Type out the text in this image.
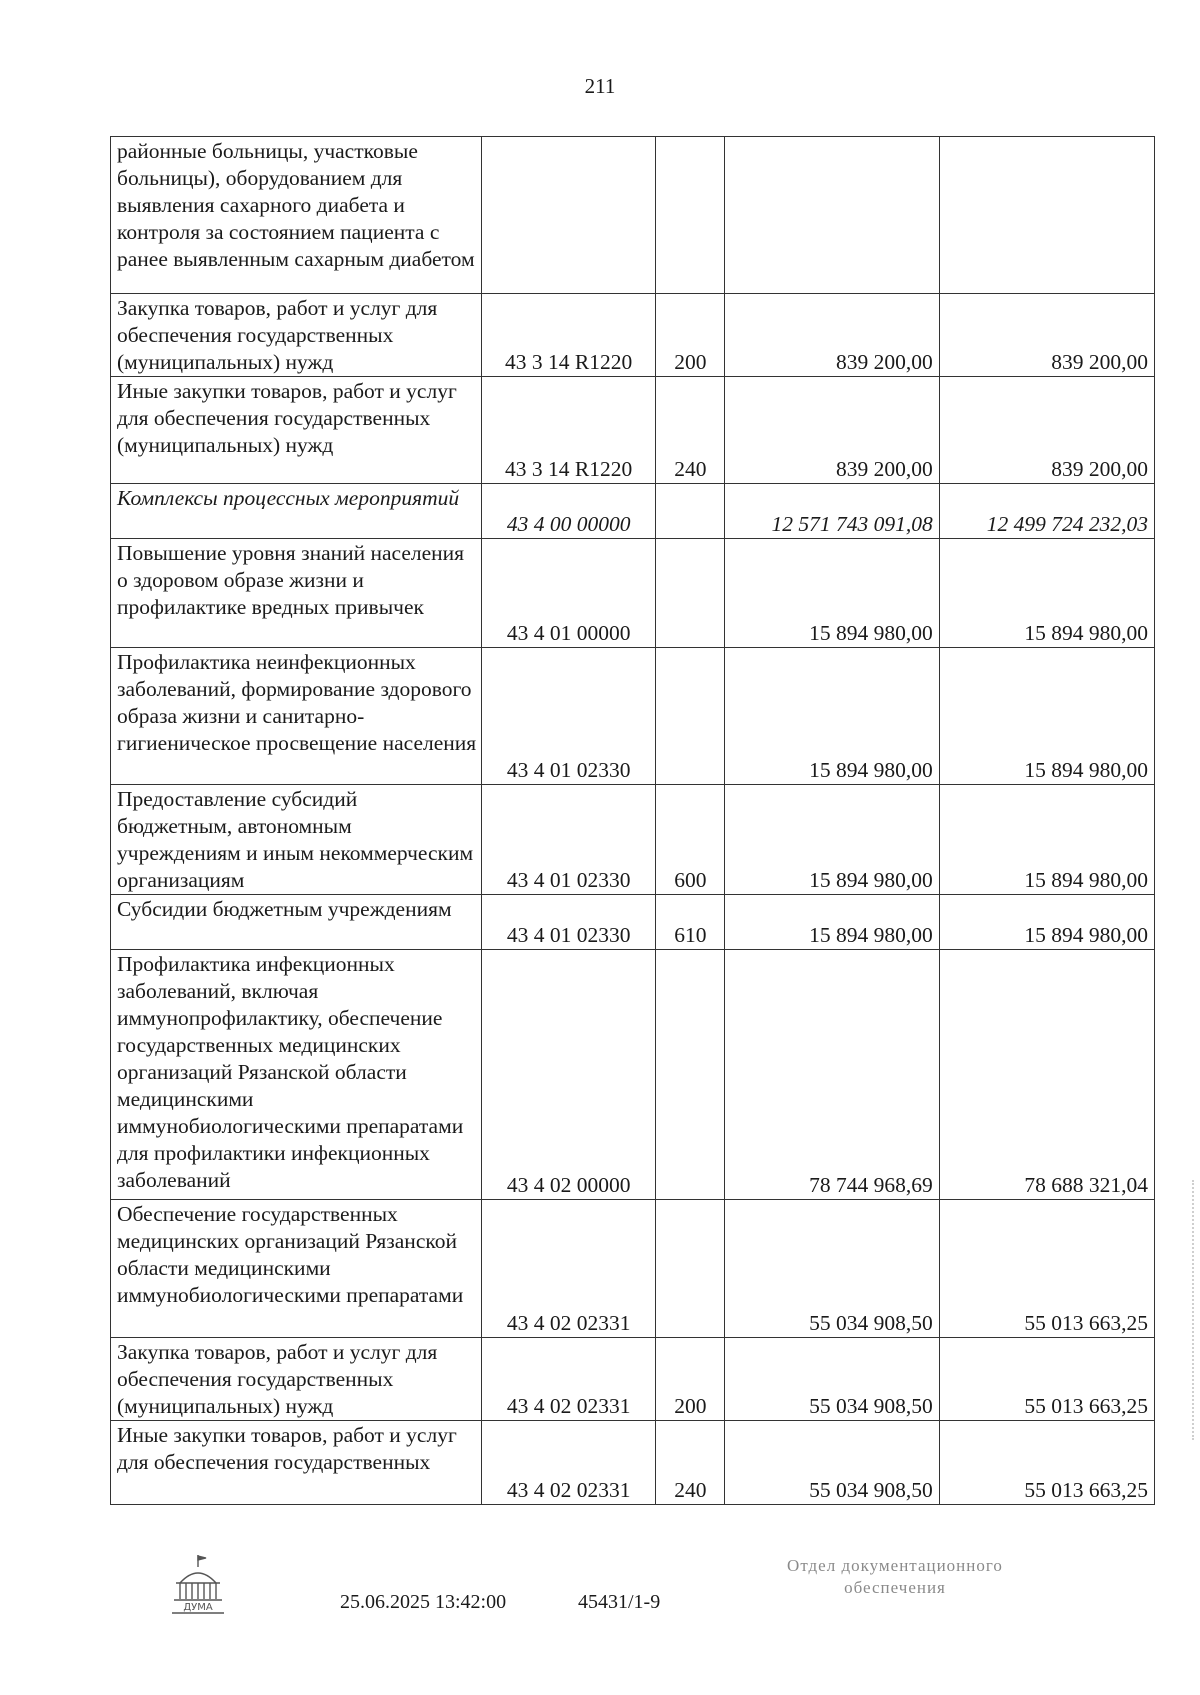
211
районные больницы, участковые больницы), оборудованием для выявления сахарного диабета и контроля за состоянием пациента с ранее выявленным сахарным диабетом				
Закупка товаров, работ и услуг для обеспечения государственных (муниципальных) нужд	43 3 14 R1220	200	839 200,00	839 200,00
Иные закупки товаров, работ и услуг для обеспечения государственных (муниципальных) нужд	43 3 14 R1220	240	839 200,00	839 200,00
Комплексы процессных мероприятий	43 4 00 00000		12 571 743 091,08	12 499 724 232,03
Повышение уровня знаний населения о здоровом образе жизни и профилактике вредных привычек	43 4 01 00000		15 894 980,00	15 894 980,00
Профилактика неинфекционных заболеваний, формирование здорового образа жизни и санитарно-гигиеническое просвещение населения	43 4 01 02330		15 894 980,00	15 894 980,00
Предоставление субсидий бюджетным, автономным учреждениям и иным некоммерческим организациям	43 4 01 02330	600	15 894 980,00	15 894 980,00
Субсидии бюджетным учреждениям	43 4 01 02330	610	15 894 980,00	15 894 980,00
Профилактика инфекционных заболеваний, включая иммунопрофилактику, обеспечение государственных медицинских организаций Рязанской области медицинскими иммунобиологическими препаратами для профилактики инфекционных заболеваний	43 4 02 00000		78 744 968,69	78 688 321,04
Обеспечение государственных медицинских организаций Рязанской области медицинскими иммунобиологическими препаратами	43 4 02 02331		55 034 908,50	55 013 663,25
Закупка товаров, работ и услуг для обеспечения государственных (муниципальных) нужд	43 4 02 02331	200	55 034 908,50	55 013 663,25
Иные закупки товаров, работ и услуг для обеспечения государственных	43 4 02 02331	240	55 034 908,50	55 013 663,25
ДУМА	25.06.2025 13:42:00	45431/1-9
Отдел документационного
обеспечения
